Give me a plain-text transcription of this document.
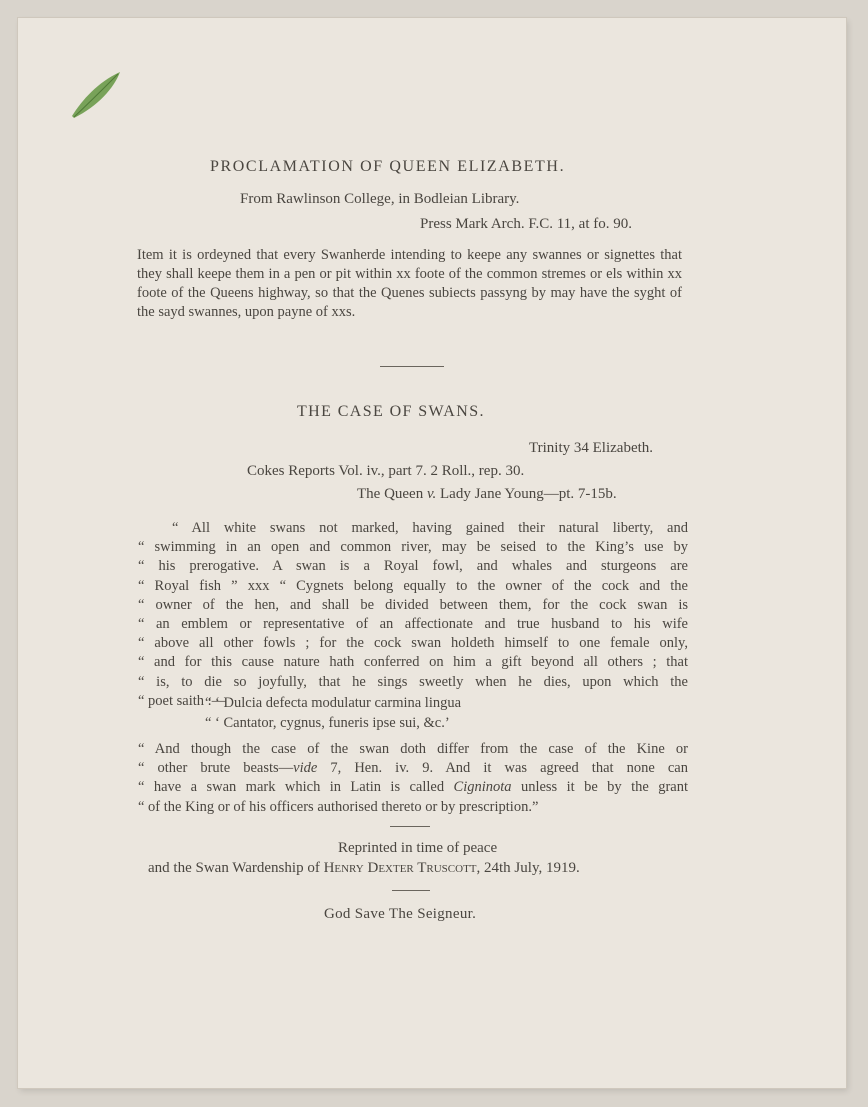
PROCLAMATION OF QUEEN ELIZABETH.
From Rawlinson College, in Bodleian Library.
Press Mark Arch. F.C. 11, at fo. 90.

Item it is ordeyned that every Swanherde intending to keepe any swannes or signettes that they shall keepe them in a pen or pit within xx foote of the common stremes or els within xx foote of the Queens highway, so that the Quenes subiects passyng by may have the syght of the sayd swannes, upon payne of xxs.

THE CASE OF SWANS.
Trinity 34 Elizabeth.
Cokes Reports Vol. iv., part 7. 2 Roll., rep. 30.
The Queen v. Lady Jane Young—pt. 7-15b.
“ All white swans not marked, having gained their natural liberty, and
“ swimming in an open and common river, may be seised to the King’s use by
“ his prerogative. A swan is a Royal fowl, and whales and sturgeons are
“ Royal fish ” xxx “ Cygnets belong equally to the owner of the cock and the
“ owner of the hen, and shall be divided between them, for the cock swan is
“ an emblem or representative of an affectionate and true husband to his wife
“ above all other fowls ; for the cock swan holdeth himself to one female only,
“ and for this cause nature hath conferred on him a gift beyond all others ; that
“ is, to die so joyfully, that he sings sweetly when he dies, upon which the
“ poet saith :—
“ ‘ Dulcia defecta modulatur carmina lingua
“ ‘ Cantator, cygnus, funeris ipse sui, &c.’
“ And though the case of the swan doth differ from the case of the Kine or
“ other brute beasts—vide 7, Hen. iv. 9. And it was agreed that none can
“ have a swan mark which in Latin is called Cigninota unless it be by the grant
“ of the King or of his officers authorised thereto or by prescription.”
Reprinted in time of peace
and the Swan Wardenship of Henry Dexter Truscott, 24th July, 1919.
God Save The Seigneur.
